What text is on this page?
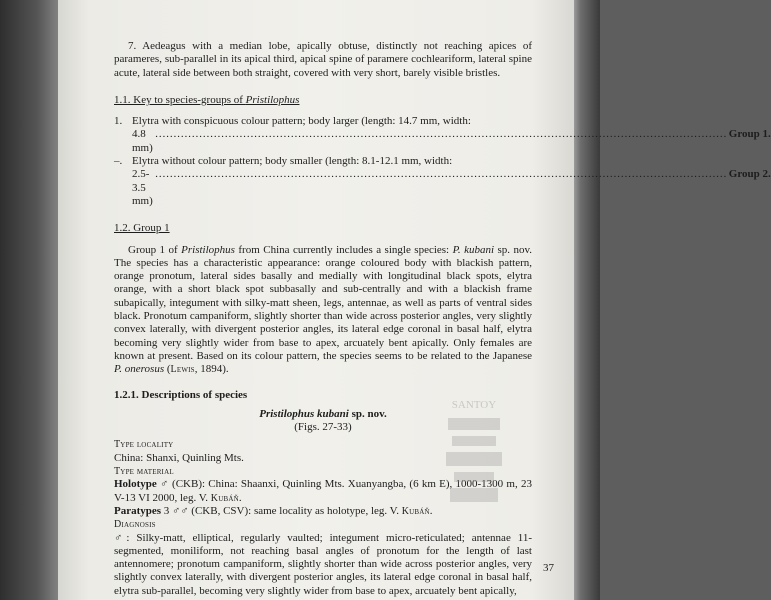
7. Aedeagus with a median lobe, apically obtuse, distinctly not reaching apices of parameres, sub-parallel in its apical third, apical spine of paramere cochleariform, lateral spine acute, lateral side between both straight, covered with very short, barely visible bristles.

1.1. Key to species-groups of Pristilophus

1. Elytra with conspicuous colour pattern; body larger (length: 14.7 mm, width:

4.8 mm)
…………………………………………………………………………………………………………………………………………
Group 1.

–. Elytra without colour pattern; body smaller (length: 8.1-12.1 mm, width:

2.5-3.5 mm)
…………………………………………………………………………………………………………………………………………
Group 2.

1.2. Group 1

Group 1 of Pristilophus from China currently includes a single species: P. kubani sp. nov. The species has a characteristic appearance: orange coloured body with blackish pattern, orange pronotum, lateral sides basally and medially with longitudinal black spots, elytra orange, with a short black spot subbasally and sub-centrally and with a blackish frame subapically, integument with silky-matt sheen, legs, antennae, as well as parts of ventral sides black. Pronotum campaniform, slightly shorter than wide across posterior angles, very slightly convex laterally, with divergent posterior angles, its lateral edge coronal in basal half, elytra becoming very slightly wider from base to apex, arcuately bent apically. Only females are known at present. Based on its colour pattern, the species seems to be related to the Japanese P. onerosus (Lewis, 1894).

1.2.1. Descriptions of species

Pristilophus kubani sp. nov.

(Figs. 27-33)

Type locality

China: Shanxi, Quinling Mts.

Type material

Holotype ♂ (CKB): China: Shaanxi, Quinling Mts. Xuanyangba, (6 km E), 1000-1300 m, 23 V-13 VI 2000, leg. V. Kubáň.

Paratypes 3 ♂♂ (CKB, CSV): same locality as holotype, leg. V. Kubáň.

Diagnosis

♂: Silky-matt, elliptical, regularly vaulted; integument micro-reticulated; antennae 11-segmented, moniliform, not reaching basal angles of pronotum for the length of last antennomere; pronotum campaniform, slightly shorter than wide across posterior angles, very slightly convex laterally, with divergent posterior angles, its lateral edge coronal in basal half, elytra sub-parallel, becoming very slightly wider from base to apex, arcuately bent apically,

SANTOY
37
